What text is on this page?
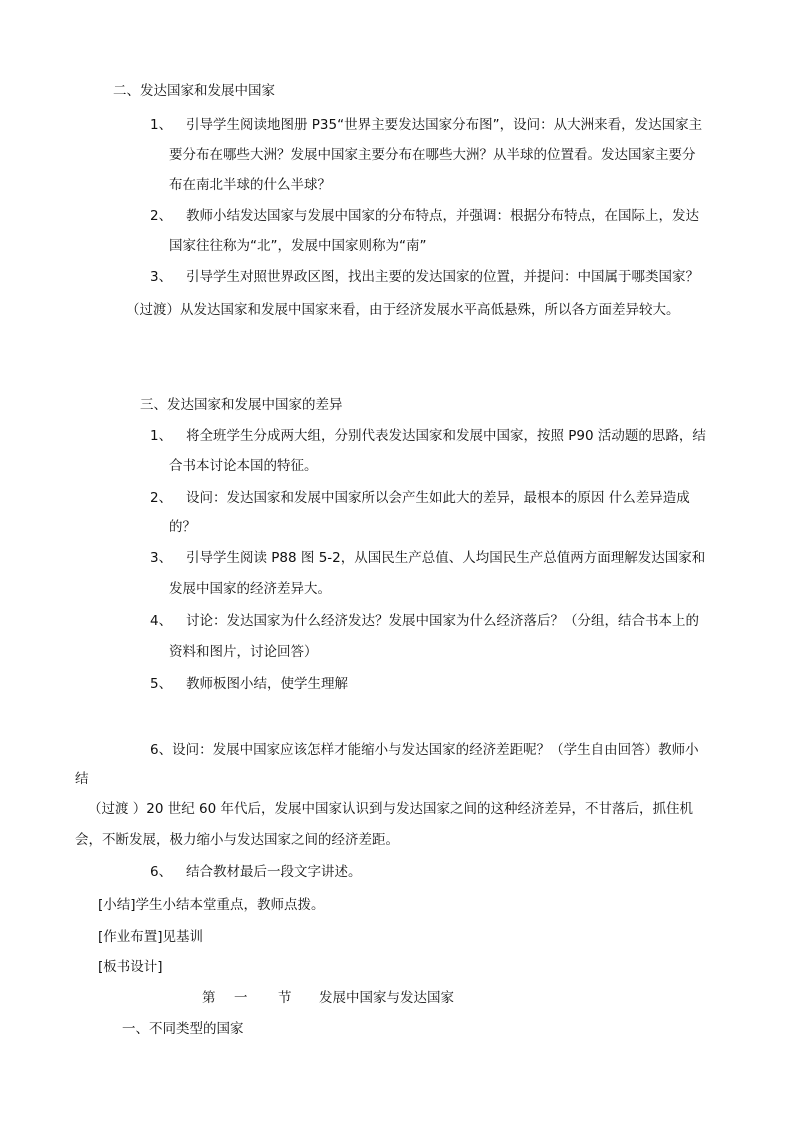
二、发达国家和发展中国家
1、 引导学生阅读地图册 P35“世界主要发达国家分布图”，设问：从大洲来看，发达国家主
要分布在哪些大洲？发展中国家主要分布在哪些大洲？从半球的位置看。发达国家主要分
布在南北半球的什么半球？
2、 教师小结发达国家与发展中国家的分布特点，并强调：根据分布特点，在国际上，发达
国家往往称为“北”，发展中国家则称为“南”
3、 引导学生对照世界政区图，找出主要的发达国家的位置，并提问：中国属于哪类国家？
（过渡）从发达国家和发展中国家来看，由于经济发展水平高低悬殊，所以各方面差异较大。
三、发达国家和发展中国家的差异
1、 将全班学生分成两大组，分别代表发达国家和发展中国家，按照 P90 活动题的思路，结
合书本讨论本国的特征。
2、 设问：发达国家和发展中国家所以会产生如此大的差异，最根本的原因 什么差异造成
的？
3、 引导学生阅读 P88 图 5-2，从国民生产总值、人均国民生产总值两方面理解发达国家和
发展中国家的经济差异大。
4、 讨论：发达国家为什么经济发达？发展中国家为什么经济落后？（分组，结合书本上的
资料和图片，讨论回答）
5、 教师板图小结，使学生理解
6、设问：发展中国家应该怎样才能缩小与发达国家的经济差距呢？（学生自由回答）教师小
结
（过渡 ）20 世纪 60 年代后，发展中国家认识到与发达国家之间的这种经济差异，不甘落后，抓住机
会，不断发展，极力缩小与发达国家之间的经济差距。
6、 结合教材最后一段文字讲述。
[小结]学生小结本堂重点，教师点拨。
[作业布置]见基训
[板书设计]
第 一 节 发展中国家与发达国家
一、不同类型的国家
